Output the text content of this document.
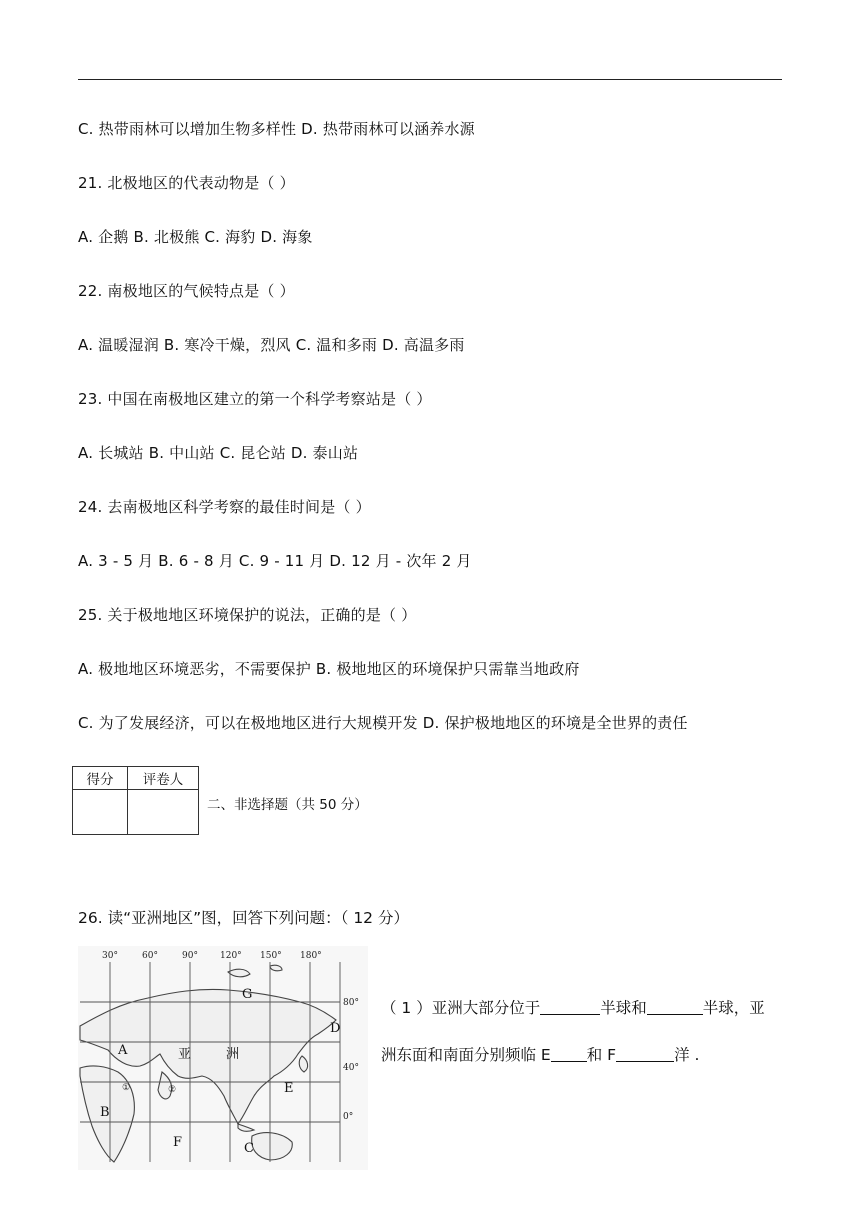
C. 热带雨林可以增加生物多样性 D. 热带雨林可以涵养水源
21. 北极地区的代表动物是（ ）
A. 企鹅 B. 北极熊 C. 海豹 D. 海象
22. 南极地区的气候特点是（ ）
A. 温暖湿润 B. 寒冷干燥，烈风 C. 温和多雨 D. 高温多雨
23. 中国在南极地区建立的第一个科学考察站是（ ）
A. 长城站 B. 中山站 C. 昆仑站 D. 泰山站
24. 去南极地区科学考察的最佳时间是（ ）
A. 3 - 5 月 B. 6 - 8 月 C. 9 - 11 月 D. 12 月 - 次年 2 月
25. 关于极地地区环境保护的说法，正确的是（ ）
A. 极地地区环境恶劣，不需要保护 B. 极地地区的环境保护只需靠当地政府
C. 为了发展经济，可以在极地地区进行大规模开发 D. 保护极地地区的环境是全世界的责任
得分	评卷人

二、非选择题（共 50 分）
26. 读“亚洲地区”图，回答下列问题：（ 12 分）
30°	60°	90° 120° 150° 180°
80°
40°
0°
A
B
C
D
E
F
G
亚	洲
①	②
（ 1 ）亚洲大部分位于	半球和	半球，亚
洲东面和南面分别频临 E 和 F	洋 .
